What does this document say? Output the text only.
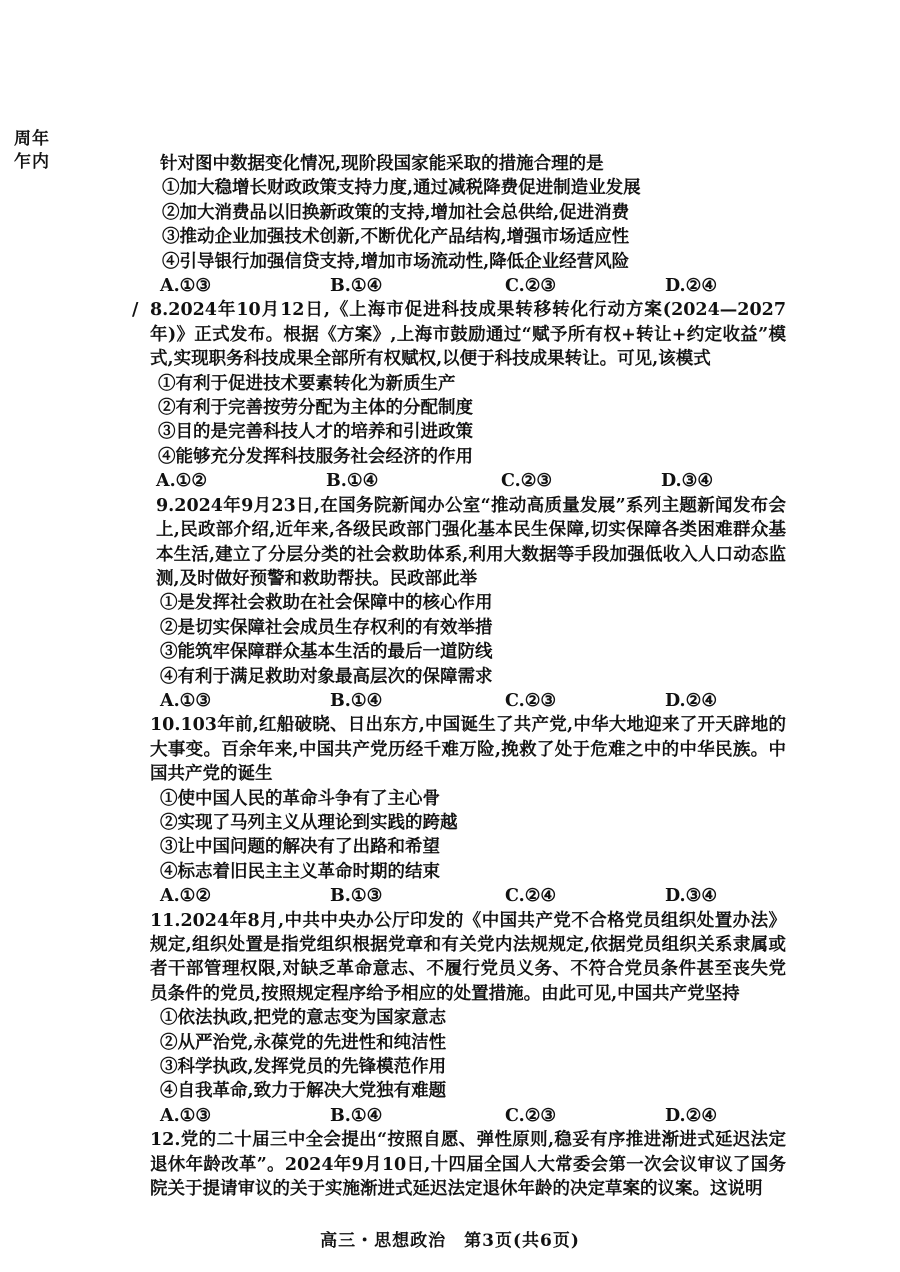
周年
乍内	针对图中数据变化情况,现阶段国家能采取的措施合理的是

①加大稳增长财政政策支持力度,通过减税降费促进制造业发展

②加大消费品以旧换新政策的支持,增加社会总供给,促进消费

③推动企业加强技术创新,不断优化产品结构,增强市场适应性

④引导银行加强信贷支持,增加市场流动性,降低企业经营风险

A.①③	B.①④	C.②③	D.②④
/ 8.2024年10月12日,《上海市促进科技成果转移转化行动方案(2024—2027年)》正式发布。根据《方案》,上海市鼓励通过“赋予所有权+转让+约定收益”模式,实现职务科技成果全部所有权赋权,以便于科技成果转让。可见,该模式

①有利于促进技术要素转化为新质生产

②有利于完善按劳分配为主体的分配制度

③目的是完善科技人才的培养和引进政策

④能够充分发挥科技服务社会经济的作用

A.①②	B.①④	C.②③	D.③④

9.2024年9月23日,在国务院新闻办公室“推动高质量发展”系列主题新闻发布会上,民政部介绍,近年来,各级民政部门强化基本民生保障,切实保障各类困难群众基本生活,建立了分层分类的社会救助体系,利用大数据等手段加强低收入人口动态监测,及时做好预警和救助帮扶。民政部此举

①是发挥社会救助在社会保障中的核心作用

②是切实保障社会成员生存权利的有效举措

③能筑牢保障群众基本生活的最后一道防线

④有利于满足救助对象最高层次的保障需求

A.①③	B.①④	C.②③	D.②④

10.103年前,红船破晓、日出东方,中国诞生了共产党,中华大地迎来了开天辟地的大事变。百余年来,中国共产党历经千难万险,挽救了处于危难之中的中华民族。中国共产党的诞生

①使中国人民的革命斗争有了主心骨

②实现了马列主义从理论到实践的跨越

③让中国问题的解决有了出路和希望

④标志着旧民主主义革命时期的结束

A.①②	B.①③	C.②④	D.③④

11.2024年8月,中共中央办公厅印发的《中国共产党不合格党员组织处置办法》规定,组织处置是指党组织根据党章和有关党内法规规定,依据党员组织关系隶属或者干部管理权限,对缺乏革命意志、不履行党员义务、不符合党员条件甚至丧失党员条件的党员,按照规定程序给予相应的处置措施。由此可见,中国共产党坚持

①依法执政,把党的意志变为国家意志

②从严治党,永葆党的先进性和纯洁性

③科学执政,发挥党员的先锋模范作用

④自我革命,致力于解决大党独有难题

A.①③	B.①④	C.②③	D.②④

12.党的二十届三中全会提出“按照自愿、弹性原则,稳妥有序推进渐进式延迟法定退休年龄改革”。2024年9月10日,十四届全国人大常委会第一次会议审议了国务院关于提请审议的关于实施渐进式延迟法定退休年龄的决定草案的议案。这说明

高三・思想政治　第3页(共6页)
